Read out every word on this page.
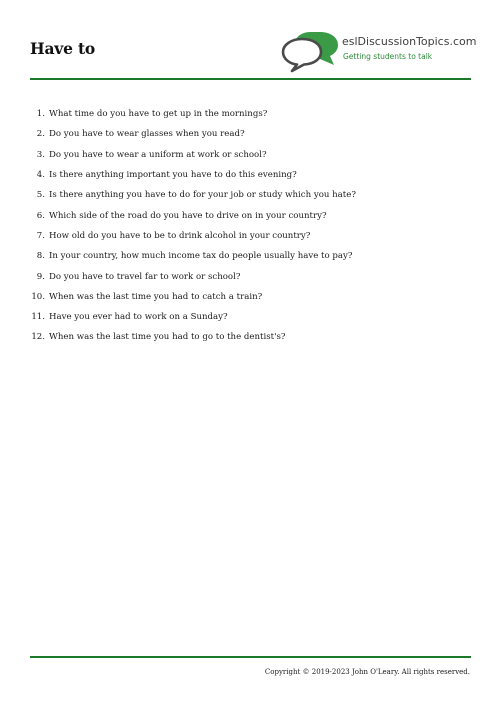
Have to	eslDiscussionTopics.com
Getting students to talk
1. What time do you have to get up in the mornings?
2. Do you have to wear glasses when you read?
3. Do you have to wear a uniform at work or school?
4. Is there anything important you have to do this evening?
5. Is there anything you have to do for your job or study which you hate?
6. Which side of the road do you have to drive on in your country?
7. How old do you have to be to drink alcohol in your country?
8. In your country, how much income tax do people usually have to pay?
9. Do you have to travel far to work or school?
10. When was the last time you had to catch a train?
11. Have you ever had to work on a Sunday?
12. When was the last time you had to go to the dentist's?
Copyright © 2019-2023 John O'Leary. All rights reserved.
